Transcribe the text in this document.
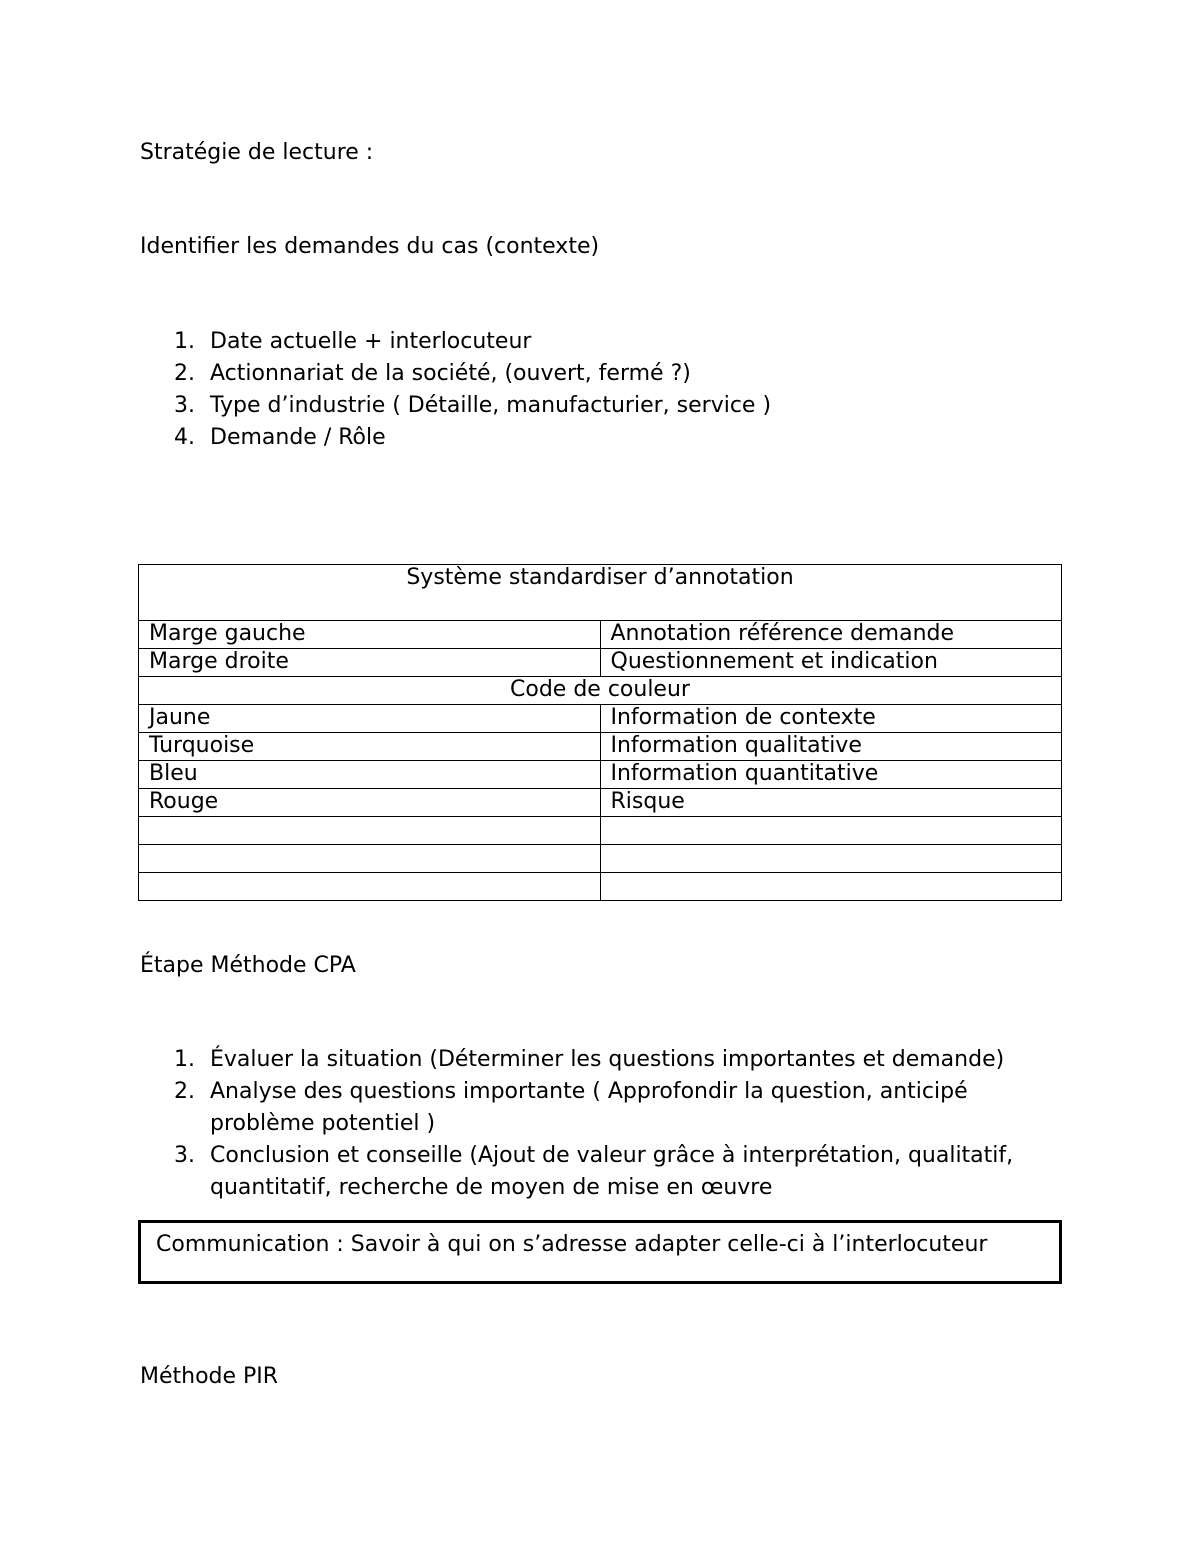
Stratégie de lecture :
Identifier les demandes du cas (contexte)
1. Date actuelle + interlocuteur
2. Actionnariat de la société, (ouvert, fermé ?)
3. Type d’industrie ( Détaille, manufacturier, service )
4. Demande / Rôle
Système standardiser d’annotation	
Marge gauche	Annotation référence demande
Marge droite	Questionnement et indication
Code de couleur	
Jaune	Information de contexte
Turquoise	Information qualitative
Bleu	Information quantitative
Rouge	Risque

Étape Méthode CPA
1. Évaluer la situation (Déterminer les questions importantes et demande)
2. Analyse des questions importante ( Approfondir la question, anticipé problème potentiel )
3. Conclusion et conseille (Ajout de valeur grâce à interprétation, qualitatif, quantitatif, recherche de moyen de mise en œuvre
Communication : Savoir à qui on s’adresse adapter celle-ci à l’interlocuteur
Méthode PIR
